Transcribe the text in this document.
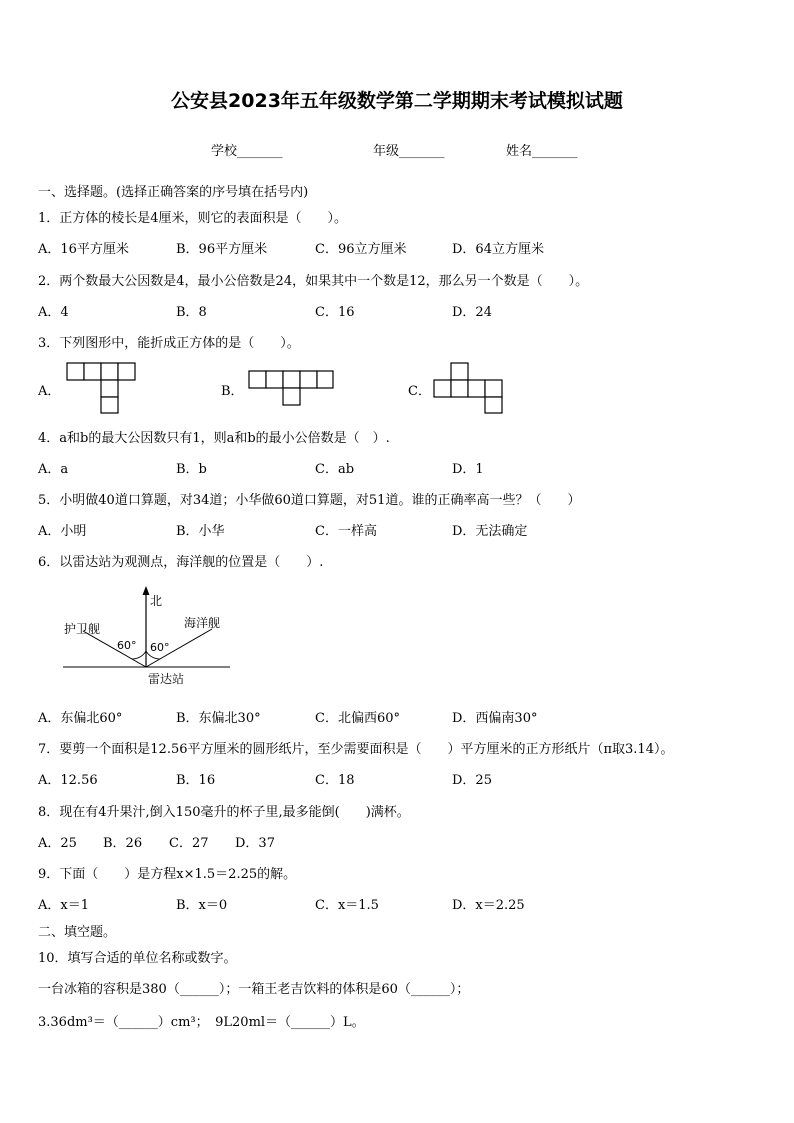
公安县2023年五年级数学第二学期期末考试模拟试题
学校_______	年级_______	姓名_______
一、选择题。(选择正确答案的序号填在括号内)
1．正方体的棱长是4厘米，则它的表面积是（　　）。
A．16平方厘米	B．96平方厘米	C．96立方厘米	D．64立方厘米
2．两个数最大公因数是4，最小公倍数是24，如果其中一个数是12，那么另一个数是（　　）。
A．4	B．8	C．16	D．24
3．下列图形中，能折成正方体的是（　　）。
A．	B．	C．
4．a和b的最大公因数只有1，则a和b的最小公倍数是（　）.
A．a	B．b	C．ab	D．1
5．小明做40道口算题，对34道；小华做60道口算题，对51道。谁的正确率高一些？（　　）
A．小明	B．小华	C．一样高	D．无法确定
6．以雷达站为观测点，海洋舰的位置是（　　）.
北
护卫舰	海洋舰
60° 60°
雷达站
A．东偏北60°	B．东偏北30°	C．北偏西60°	D．西偏南30°
7．要剪一个面积是12.56平方厘米的圆形纸片，至少需要面积是（　　）平方厘米的正方形纸片（π取3.14）。
A．12.56	B．16	C．18	D．25
8．现在有4升果汁,倒入150毫升的杯子里,最多能倒(　　)满杯。
A．25 B．26 C．27 D．37
9．下面（　　）是方程x×1.5＝2.25的解。
A．x＝1	B．x＝0	C．x＝1.5	D．x＝2.25
二、填空题。
10．填写合适的单位名称或数字。
一台冰箱的容积是380（______）；一箱王老吉饮料的体积是60（______）；
3.36dm³＝（______）cm³；　9L20ml＝（______）L。
